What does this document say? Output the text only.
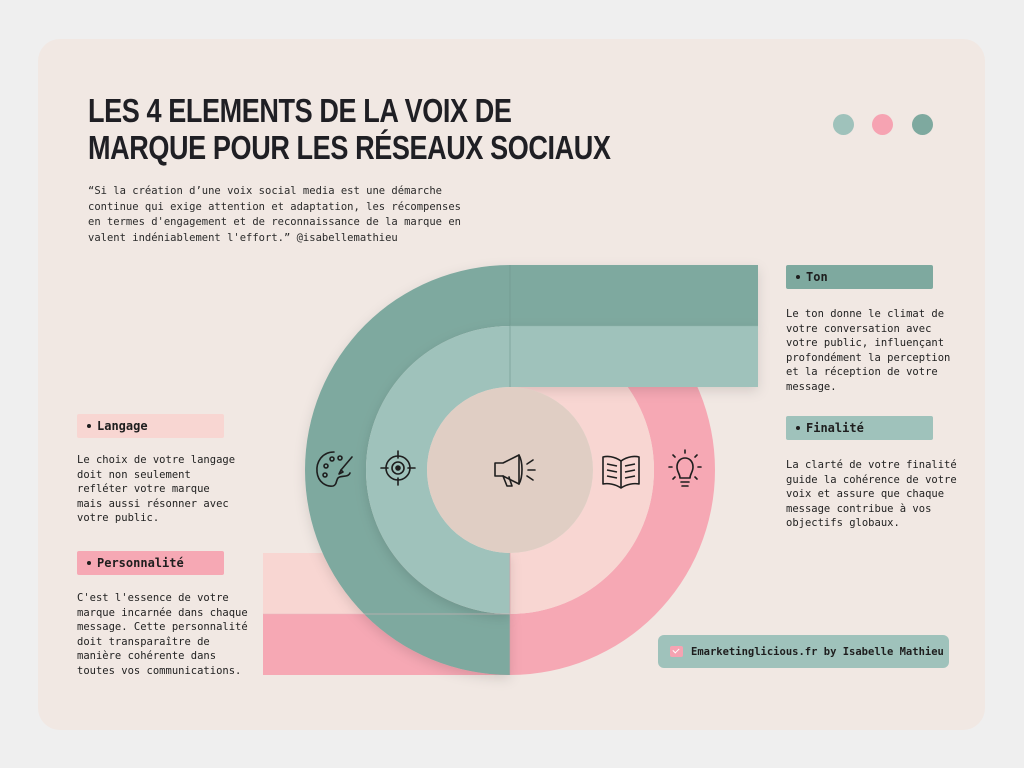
LES 4 ELEMENTS DE LA VOIX DE
MARQUE POUR LES RÉSEAUX SOCIAUX
“Si la création d’une voix social media est une démarche
continue qui exige attention et adaptation, les récompenses
en termes d'engagement et de reconnaissance de la marque en
valent indéniablement l'effort.” @isabellemathieu
Ton
Le ton donne le climat de
votre conversation avec
votre public, influençant
profondément la perception
et la réception de votre
message.
Finalité
La clarté de votre finalité
guide la cohérence de votre
voix et assure que chaque
message contribue à vos
objectifs globaux.
Langage
Le choix de votre langage
doit non seulement
refléter votre marque
mais aussi résonner avec
votre public.
Personnalité
C'est l'essence de votre
marque incarnée dans chaque
message. Cette personnalité
doit transparaître de
manière cohérente dans
toutes vos communications.
Emarketinglicious.fr by Isabelle Mathieu
